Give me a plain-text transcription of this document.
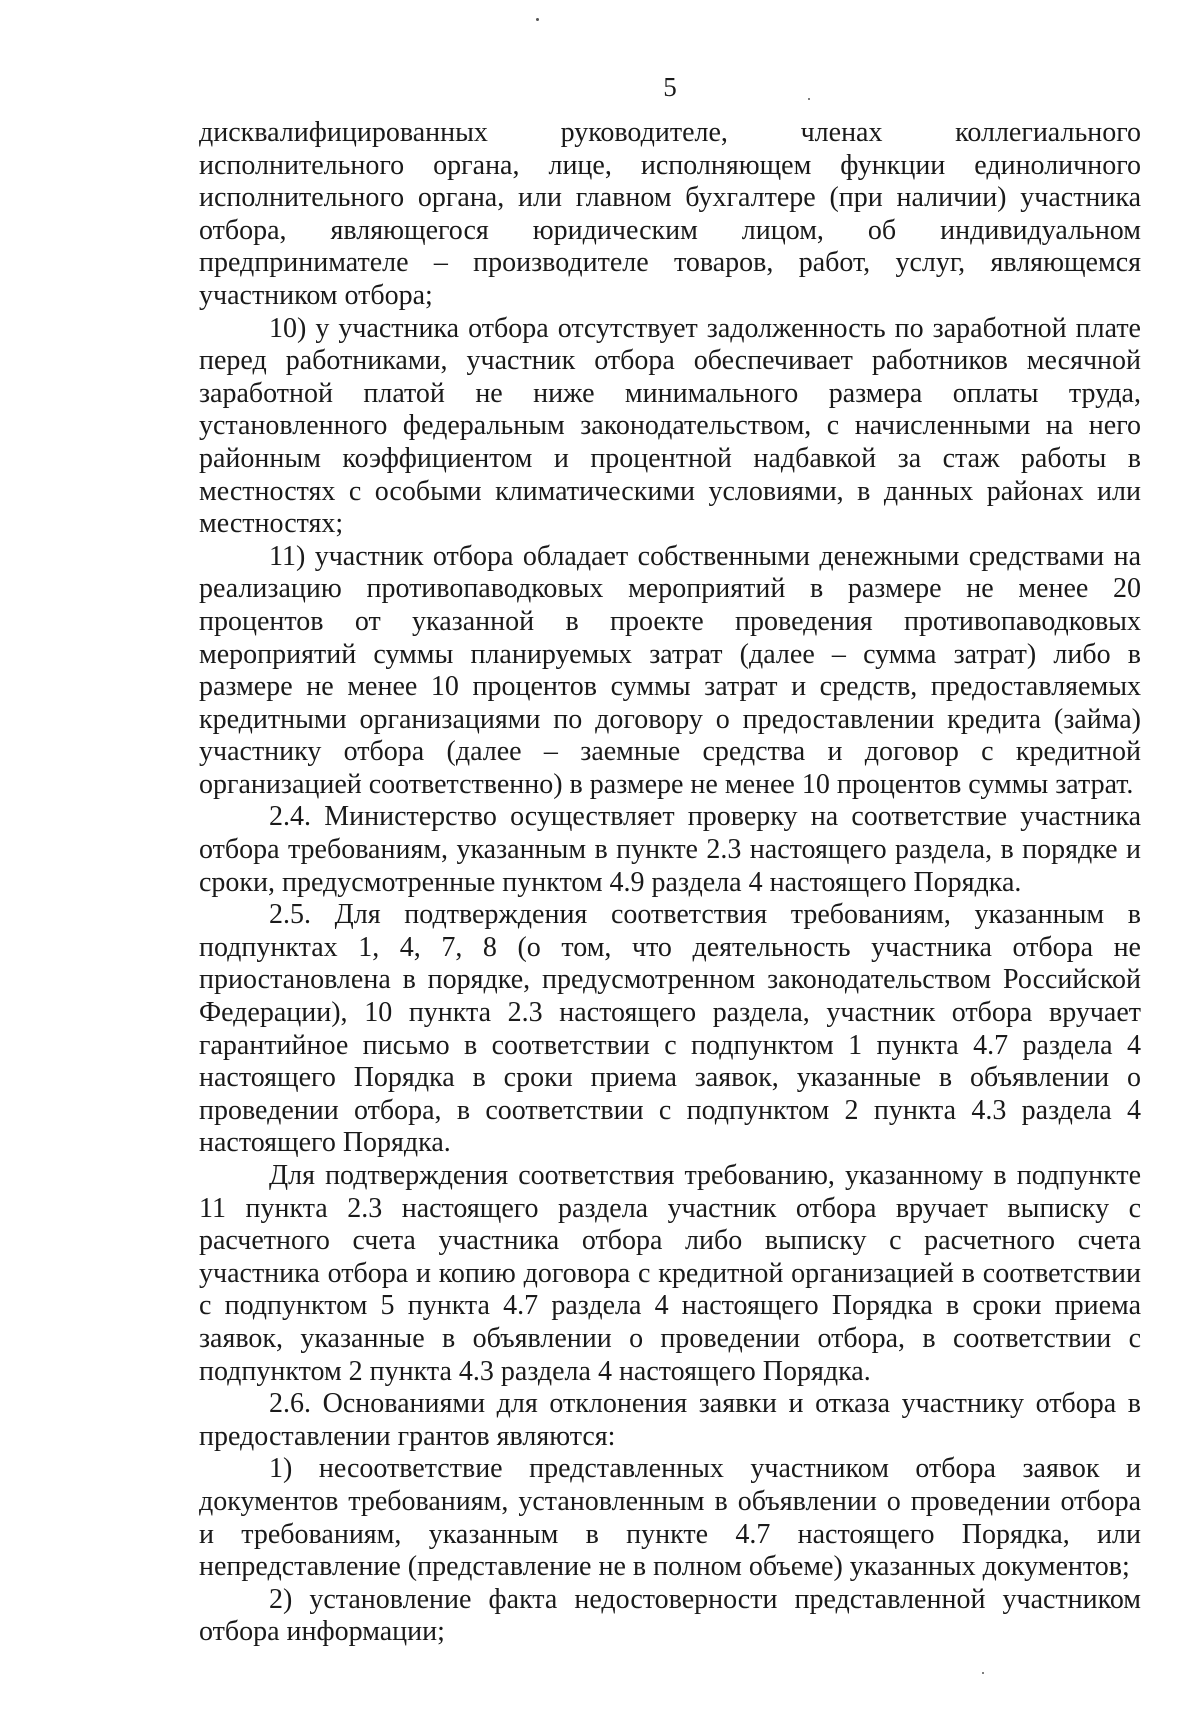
5

дисквалифицированных руководителе, членах коллегиального исполнительного органа, лице, исполняющем функции единоличного исполнительного органа, или главном бухгалтере (при наличии) участника отбора, являющегося юридическим лицом, об индивидуальном предпринимателе – производителе товаров, работ, услуг, являющемся участником отбора;

10) у участника отбора отсутствует задолженность по заработной плате перед работниками, участник отбора обеспечивает работников месячной заработной платой не ниже минимального размера оплаты труда, установленного федеральным законодательством, с начисленными на него районным коэффициентом и процентной надбавкой за стаж работы в местностях с особыми климатическими условиями, в данных районах или местностях;

11) участник отбора обладает собственными денежными средствами на реализацию противопаводковых мероприятий в размере не менее 20 процентов от указанной в проекте проведения противопаводковых мероприятий суммы планируемых затрат (далее – сумма затрат) либо в размере не менее 10 процентов суммы затрат и средств, предоставляемых кредитными организациями по договору о предоставлении кредита (займа) участнику отбора (далее – заемные средства и договор с кредитной организацией соответственно) в размере не менее 10 процентов суммы затрат.

2.4. Министерство осуществляет проверку на соответствие участника отбора требованиям, указанным в пункте 2.3 настоящего раздела, в порядке и сроки, предусмотренные пунктом 4.9 раздела 4 настоящего Порядка.

2.5. Для подтверждения соответствия требованиям, указанным в подпунктах 1, 4, 7, 8 (о том, что деятельность участника отбора не приостановлена в порядке, предусмотренном законодательством Российской Федерации), 10 пункта 2.3 настоящего раздела, участник отбора вручает гарантийное письмо в соответствии с подпунктом 1 пункта 4.7 раздела 4 настоящего Порядка в сроки приема заявок, указанные в объявлении о проведении отбора, в соответствии с подпунктом 2 пункта 4.3 раздела 4 настоящего Порядка.

Для подтверждения соответствия требованию, указанному в подпункте 11 пункта 2.3 настоящего раздела участник отбора вручает выписку с расчетного счета участника отбора либо выписку с расчетного счета участника отбора и копию договора с кредитной организацией в соответствии с подпунктом 5 пункта 4.7 раздела 4 настоящего Порядка в сроки приема заявок, указанные в объявлении о проведении отбора, в соответствии с подпунктом 2 пункта 4.3 раздела 4 настоящего Порядка.

2.6. Основаниями для отклонения заявки и отказа участнику отбора в предоставлении грантов являются:

1) несоответствие представленных участником отбора заявок и документов требованиям, установленным в объявлении о проведении отбора и требованиям, указанным в пункте 4.7 настоящего Порядка, или непредставление (представление не в полном объеме) указанных документов;

2) установление факта недостоверности представленной участником отбора информации;
